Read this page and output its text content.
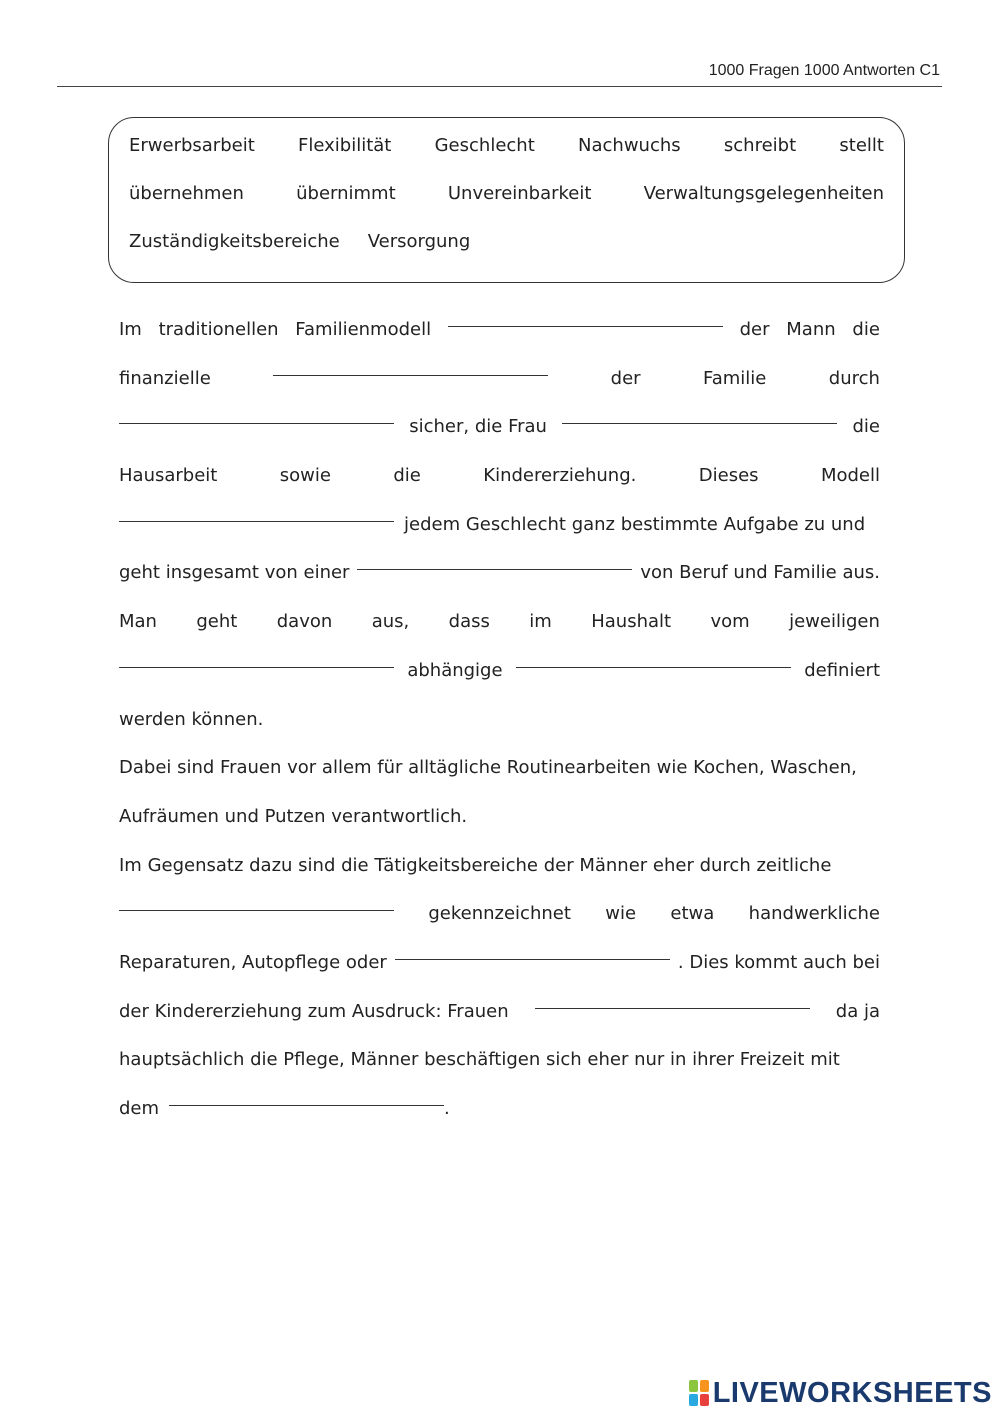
1000 Fragen 1000 Antworten C1
Erwerbsarbeit Flexibilität Geschlecht Nachwuchs schreibt stellt
übernehmen	übernimmt	Unvereinbarkeit	Verwaltungsgelegenheiten
Zuständigkeitsbereiche Versorgung
Im traditionellen Familienmodell	der Mann die
finanzielle	der	Familie	durch
sicher, die Frau	die
Hausarbeit	sowie	die	Kindererziehung.	Dieses	Modell
jedem Geschlecht ganz bestimmte Aufgabe zu und
geht insgesamt von einer	von Beruf und Familie aus.
Man geht davon aus, dass im Haushalt vom jeweiligen
abhängige	definiert
werden können.
Dabei sind Frauen vor allem für alltägliche Routinearbeiten wie Kochen, Waschen,
Aufräumen und Putzen verantwortlich.
Im Gegensatz dazu sind die Tätigkeitsbereiche der Männer eher durch zeitliche
gekennzeichnet wie etwa handwerkliche
Reparaturen, Autopflege oder	. Dies kommt auch bei
der Kindererziehung zum Ausdruck: Frauen	da ja
hauptsächlich die Pflege, Männer beschäftigen sich eher nur in ihrer Freizeit mit
dem	.
LIVEWORKSHEETS
